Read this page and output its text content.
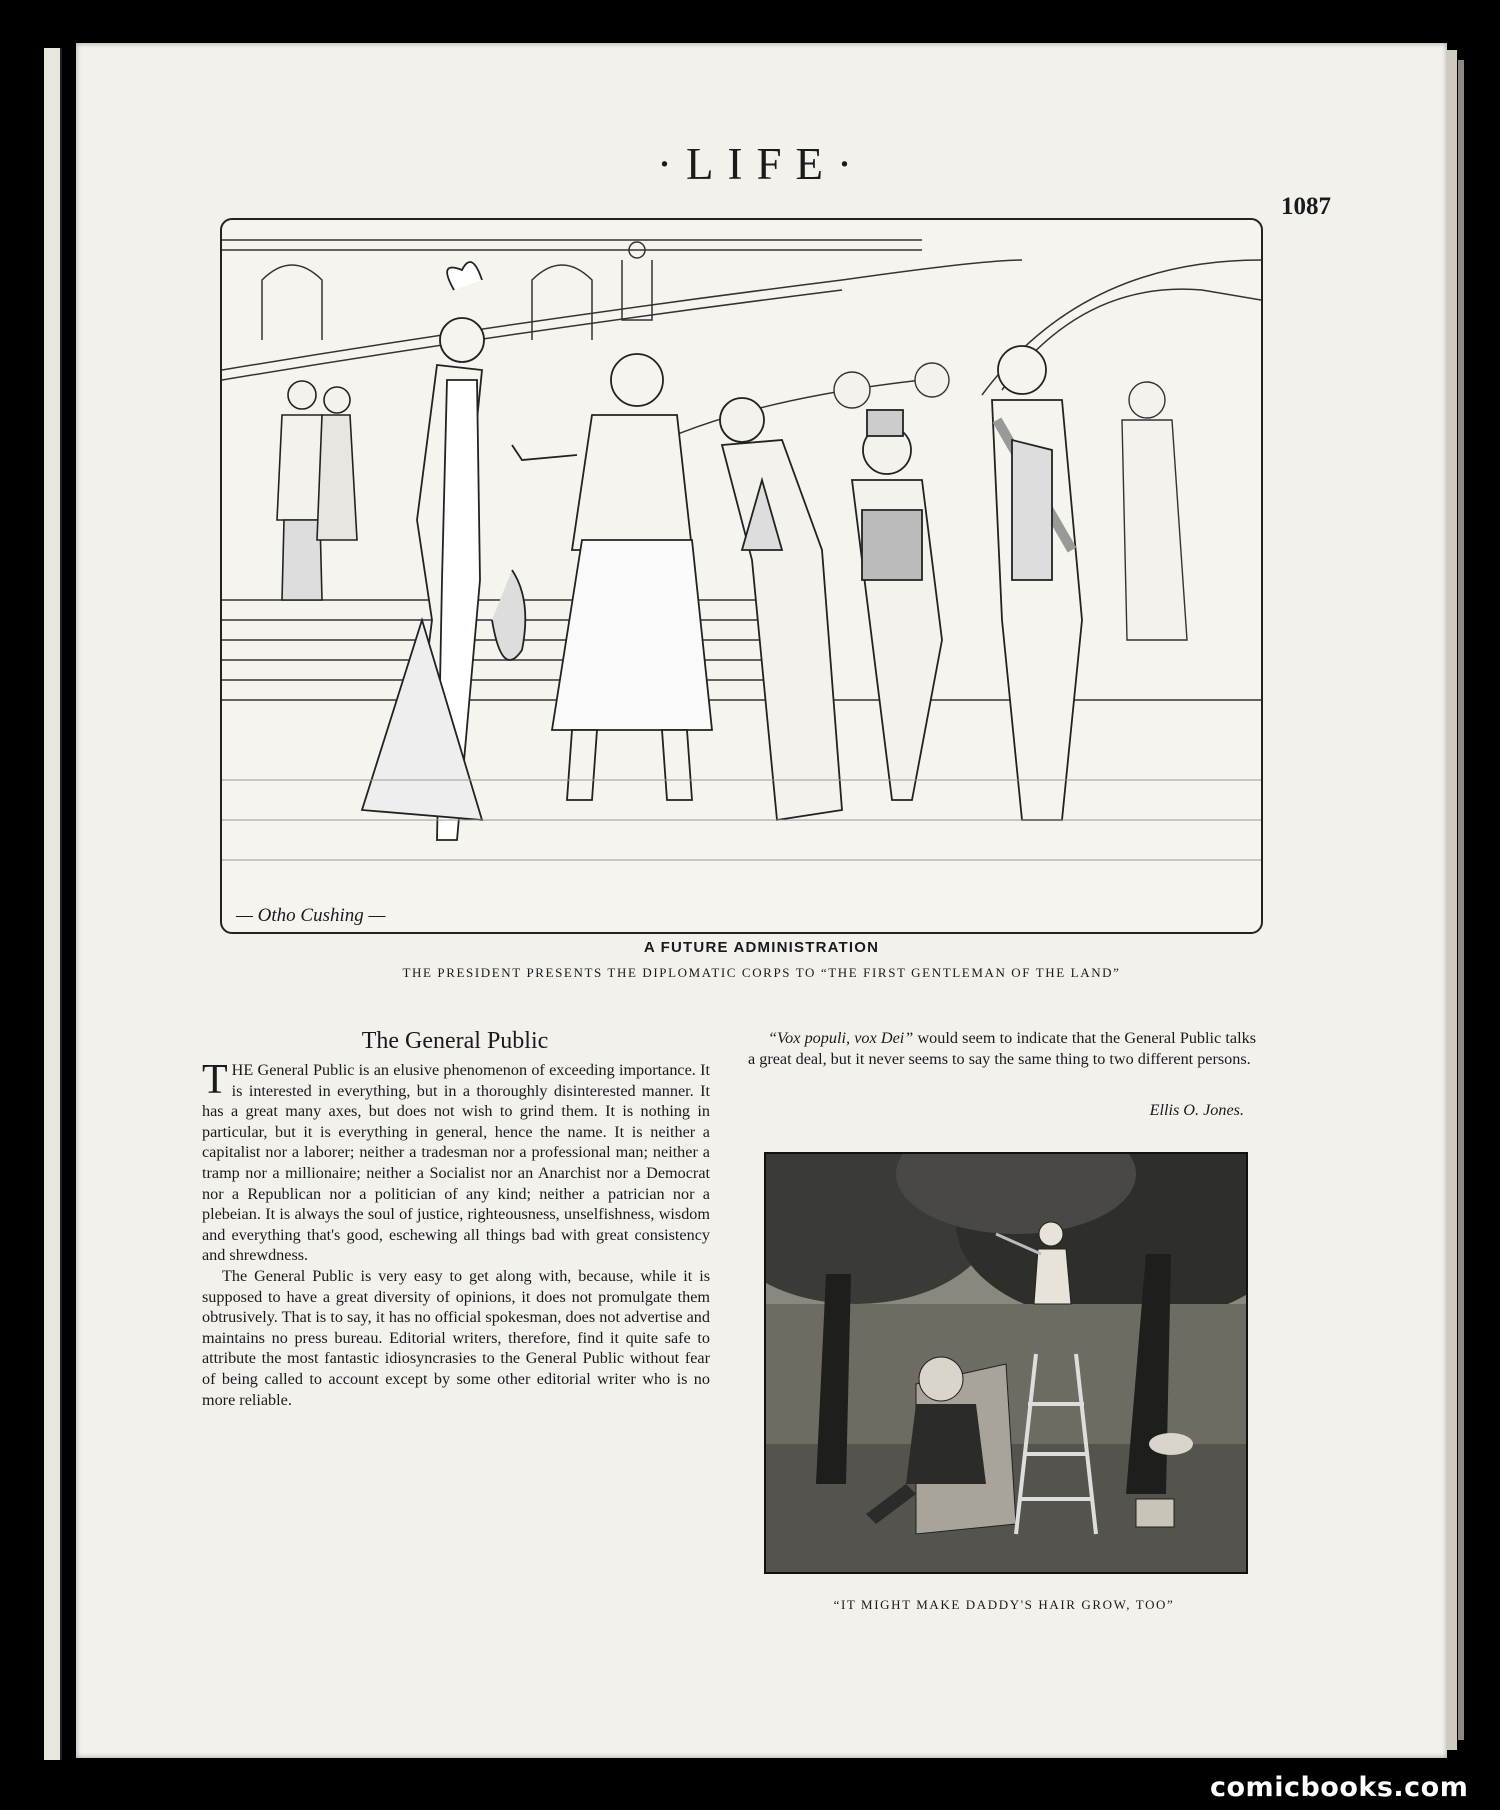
·LIFE·
1087
— Otho Cushing —
A FUTURE ADMINISTRATION
THE PRESIDENT PRESENTS THE DIPLOMATIC CORPS TO “THE FIRST GENTLEMAN OF THE LAND”
The General Public

THE General Public is an elusive phenomenon of exceeding importance. It is interested in everything, but in a thoroughly disinterested manner. It has a great many axes, but does not wish to grind them. It is nothing in particular, but it is everything in general, hence the name. It is neither a capitalist nor a laborer; neither a tradesman nor a professional man; neither a tramp nor a millionaire; neither a Socialist nor an Anarchist nor a Democrat nor a Republican nor a politician of any kind; neither a patrician nor a plebeian. It is always the soul of justice, righteousness, unselfishness, wisdom and everything that's good, eschewing all things bad with great consistency and shrewdness.

The General Public is very easy to get along with, because, while it is supposed to have a great diversity of opinions, it does not promulgate them obtrusively. That is to say, it has no official spokesman, does not advertise and maintains no press bureau. Editorial writers, therefore, find it quite safe to attribute the most fantastic idiosyncrasies to the General Public without fear of being called to account except by some other editorial writer who is no more reliable.

“Vox populi, vox Dei” would seem to indicate that the General Public talks a great deal, but it never seems to say the same thing to two different persons.

Ellis O. Jones.
“IT MIGHT MAKE DADDY'S HAIR GROW, TOO”
comicbooks.com
